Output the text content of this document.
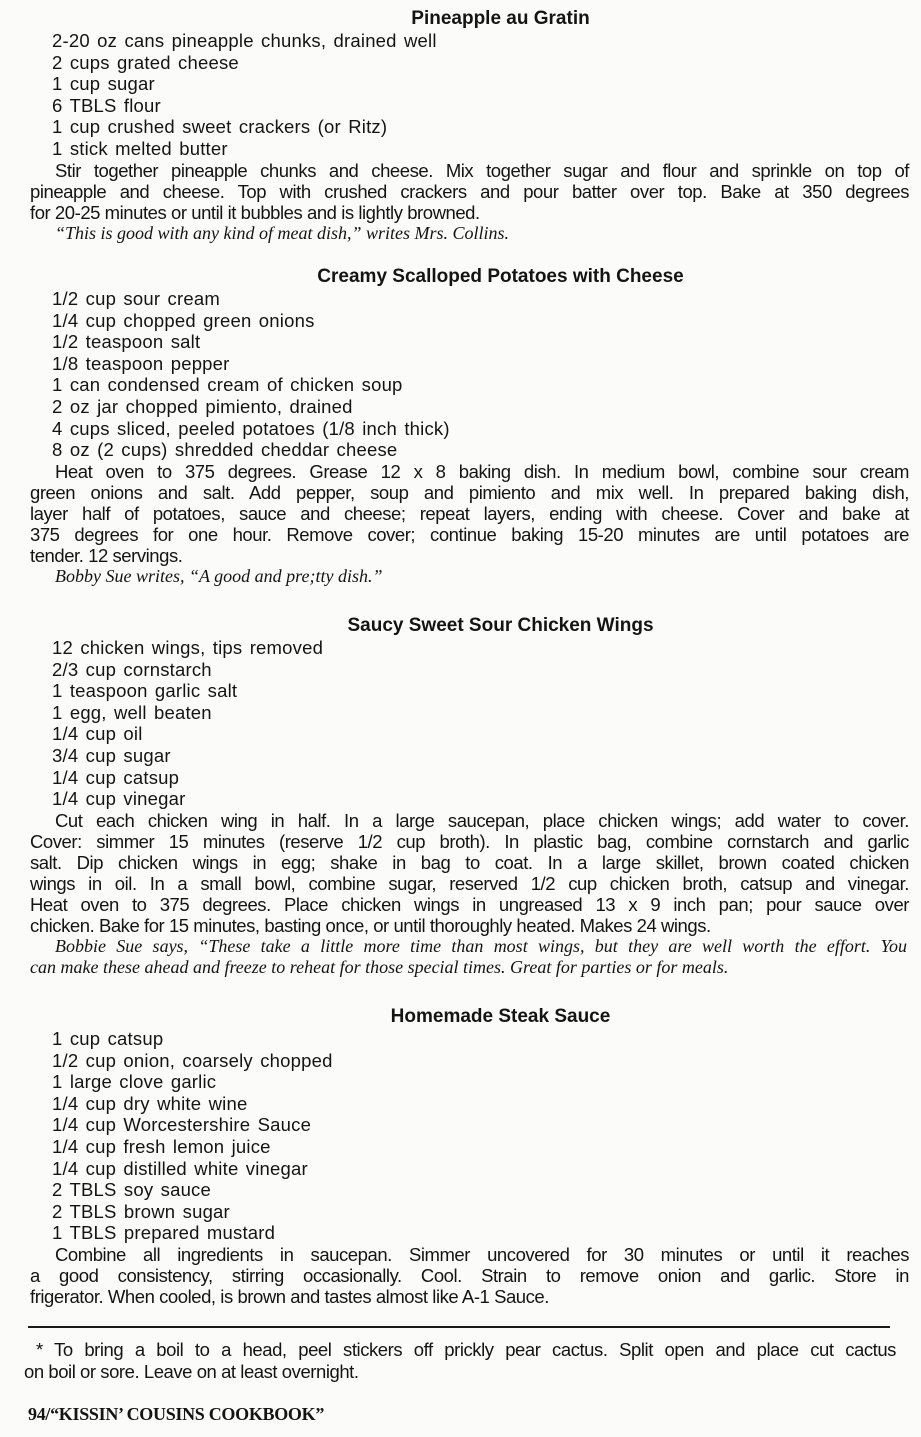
Pineapple au Gratin
2-20 oz cans pineapple chunks, drained well
2 cups grated cheese
1 cup sugar
6 TBLS flour
1 cup crushed sweet crackers (or Ritz)
1 stick melted butter
Stir together pineapple chunks and cheese. Mix together sugar and flour and sprinkle on top of
pineapple and cheese. Top with crushed crackers and pour batter over top. Bake at 350 degrees
for 20-25 minutes or until it bubbles and is lightly browned.
“This is good with any kind of meat dish,” writes Mrs. Collins.
Creamy Scalloped Potatoes with Cheese
1/2 cup sour cream
1/4 cup chopped green onions
1/2 teaspoon salt
1/8 teaspoon pepper
1 can condensed cream of chicken soup
2 oz jar chopped pimiento, drained
4 cups sliced, peeled potatoes (1/8 inch thick)
8 oz (2 cups) shredded cheddar cheese
Heat oven to 375 degrees. Grease 12 x 8 baking dish. In medium bowl, combine sour cream
green onions and salt. Add pepper, soup and pimiento and mix well. In prepared baking dish,
layer half of potatoes, sauce and cheese; repeat layers, ending with cheese. Cover and bake at
375 degrees for one hour. Remove cover; continue baking 15-20 minutes are until potatoes are
tender. 12 servings.
Bobby Sue writes, “A good and pre;tty dish.”
Saucy Sweet Sour Chicken Wings
12 chicken wings, tips removed
2/3 cup cornstarch
1 teaspoon garlic salt
1 egg, well beaten
1/4 cup oil
3/4 cup sugar
1/4 cup catsup
1/4 cup vinegar
Cut each chicken wing in half. In a large saucepan, place chicken wings; add water to cover.
Cover: simmer 15 minutes (reserve 1/2 cup broth). In plastic bag, combine cornstarch and garlic
salt. Dip chicken wings in egg; shake in bag to coat. In a large skillet, brown coated chicken
wings in oil. In a small bowl, combine sugar, reserved 1/2 cup chicken broth, catsup and vinegar.
Heat oven to 375 degrees. Place chicken wings in ungreased 13 x 9 inch pan; pour sauce over
chicken. Bake for 15 minutes, basting once, or until thoroughly heated. Makes 24 wings.
Bobbie Sue says, “These take a little more time than most wings, but they are well worth the effort. You
can make these ahead and freeze to reheat for those special times. Great for parties or for meals.
Homemade Steak Sauce
1 cup catsup
1/2 cup onion, coarsely chopped
1 large clove garlic
1/4 cup dry white wine
1/4 cup Worcestershire Sauce
1/4 cup fresh lemon juice
1/4 cup distilled white vinegar
2 TBLS soy sauce
2 TBLS brown sugar
1 TBLS prepared mustard
Combine all ingredients in saucepan. Simmer uncovered for 30 minutes or until it reaches
a good consistency, stirring occasionally. Cool. Strain to remove onion and garlic. Store in
frigerator. When cooled, is brown and tastes almost like A-1 Sauce.
* To bring a boil to a head, peel stickers off prickly pear cactus. Split open and place cut cactus
on boil or sore. Leave on at least overnight.
94/“KISSIN’ COUSINS COOKBOOK”
